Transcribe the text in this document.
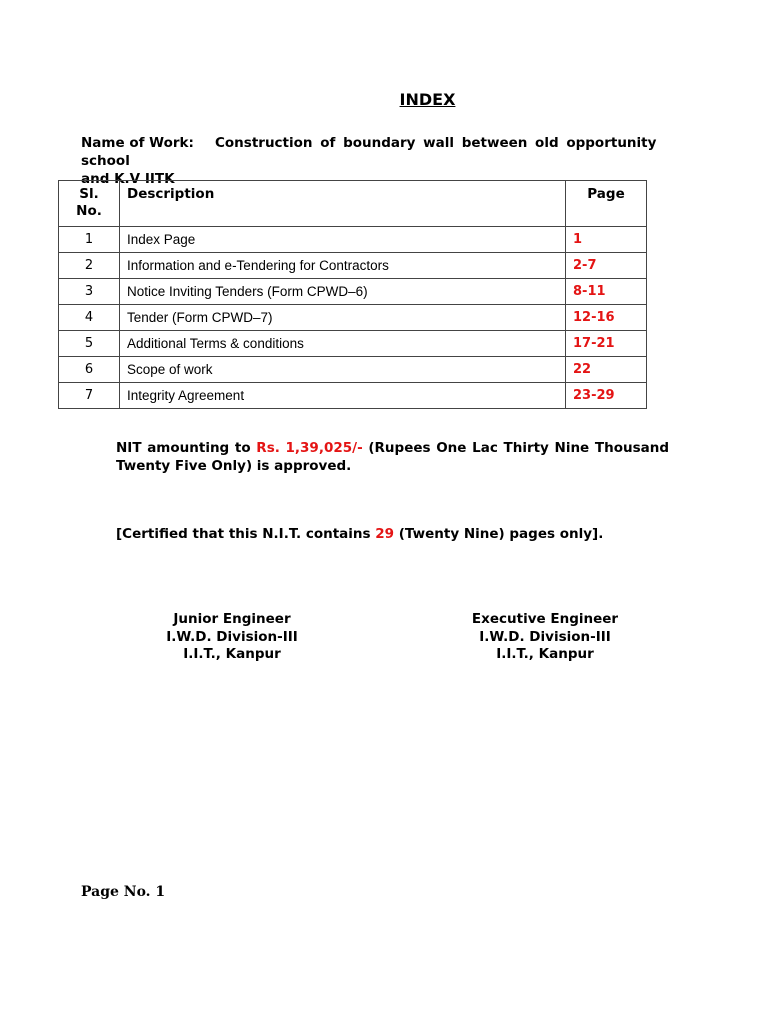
INDEX
Name of Work: Construction of boundary wall between old opportunity school
and K.V IITK
Sl.
No.	Description	Page
1	Index Page	1
2	Information and e-Tendering for Contractors	2-7
3	Notice Inviting Tenders (Form CPWD–6)	8-11
4	Tender (Form CPWD–7)	12-16
5	Additional Terms & conditions	17-21
6	Scope of work	22
7	Integrity Agreement	23-29
NIT amounting to Rs. 1,39,025/- (Rupees One Lac Thirty Nine Thousand Twenty Five Only) is approved.
[Certified that this N.I.T. contains 29 (Twenty Nine) pages only].
Junior Engineer
I.W.D. Division-III
I.I.T., Kanpur
Executive Engineer
I.W.D. Division-III
I.I.T., Kanpur
Page No. 1
